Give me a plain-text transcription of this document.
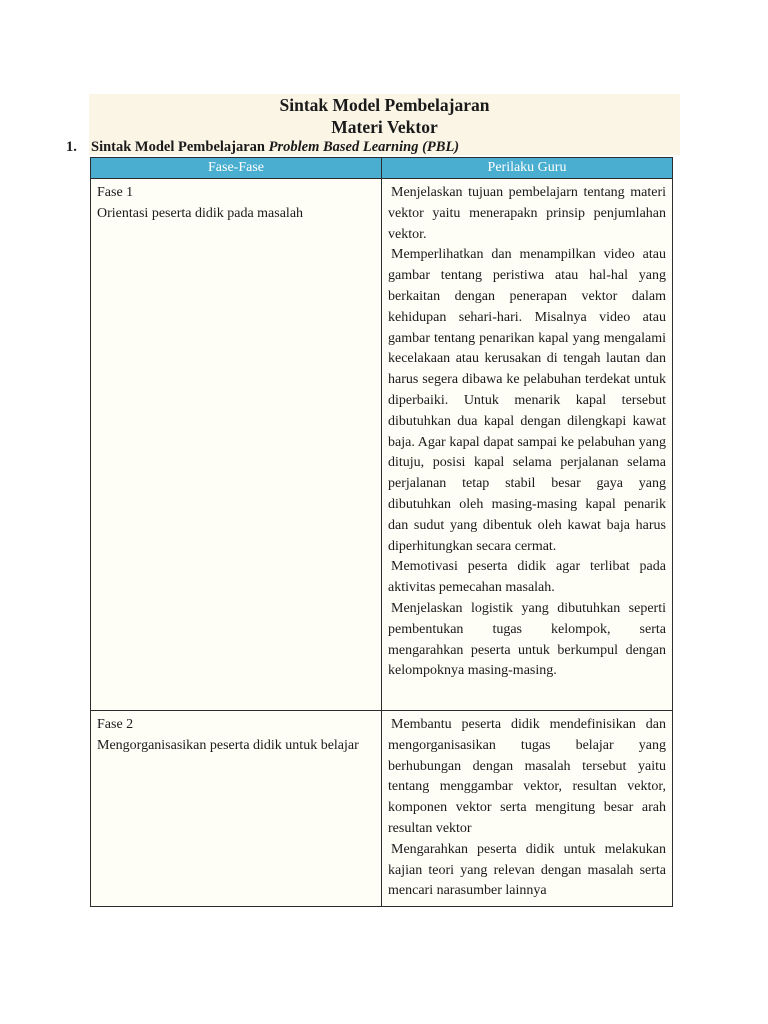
Sintak Model Pembelajaran
Materi Vektor
1. Sintak Model Pembelajaran Problem Based Learning (PBL)
Fase-Fase	Perilaku Guru

Fase 1
Orientasi peserta didik pada masalah	Menjelaskan tujuan pembelajarn tentang materi vektor yaitu menerapakn prinsip penjumlahan vektor.
Memperlihatkan dan menampilkan video atau gambar tentang peristiwa atau hal-hal yang berkaitan dengan penerapan vektor dalam kehidupan sehari-hari. Misalnya video atau gambar tentang penarikan kapal yang mengalami kecelakaan atau kerusakan di tengah lautan dan harus segera dibawa ke pelabuhan terdekat untuk diperbaiki. Untuk menarik kapal tersebut dibutuhkan dua kapal dengan dilengkapi kawat baja. Agar kapal dapat sampai ke pelabuhan yang dituju, posisi kapal selama perjalanan selama perjalanan tetap stabil besar gaya yang dibutuhkan oleh masing-masing kapal penarik dan sudut yang dibentuk oleh kawat baja harus diperhitungkan secara cermat.
Memotivasi peserta didik agar terlibat pada aktivitas pemecahan masalah.
Menjelaskan logistik yang dibutuhkan seperti pembentukan tugas kelompok, serta mengarahkan peserta untuk berkumpul dengan kelompoknya masing-masing.

Fase 2
Mengorganisasikan peserta didik untuk belajar	Membantu peserta didik mendefinisikan dan mengorganisasikan tugas belajar yang berhubungan dengan masalah tersebut yaitu tentang menggambar vektor, resultan vektor, komponen vektor serta mengitung besar arah resultan vektor
Mengarahkan peserta didik untuk melakukan kajian teori yang relevan dengan masalah serta mencari narasumber lainnya
